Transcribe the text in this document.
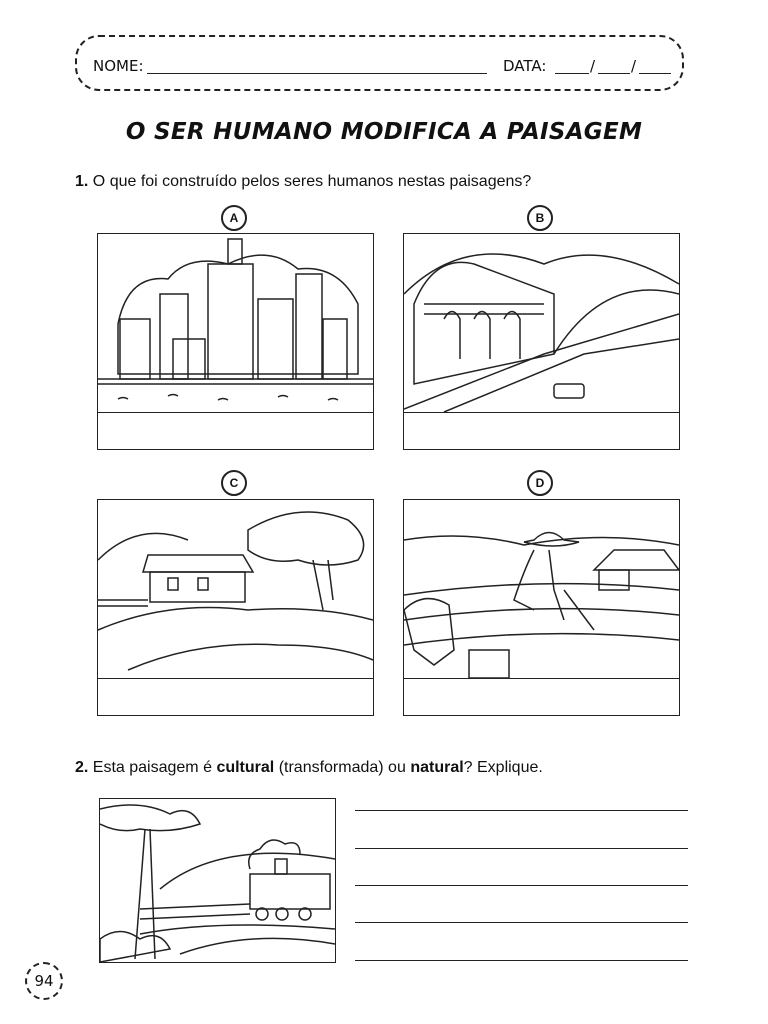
NOME:	DATA:	/ /
O SER HUMANO MODIFICA A PAISAGEM
1. O que foi construído pelos seres humanos nestas paisagens?
A	B
C	D
2. Esta paisagem é cultural (transformada) ou natural? Explique.
94
